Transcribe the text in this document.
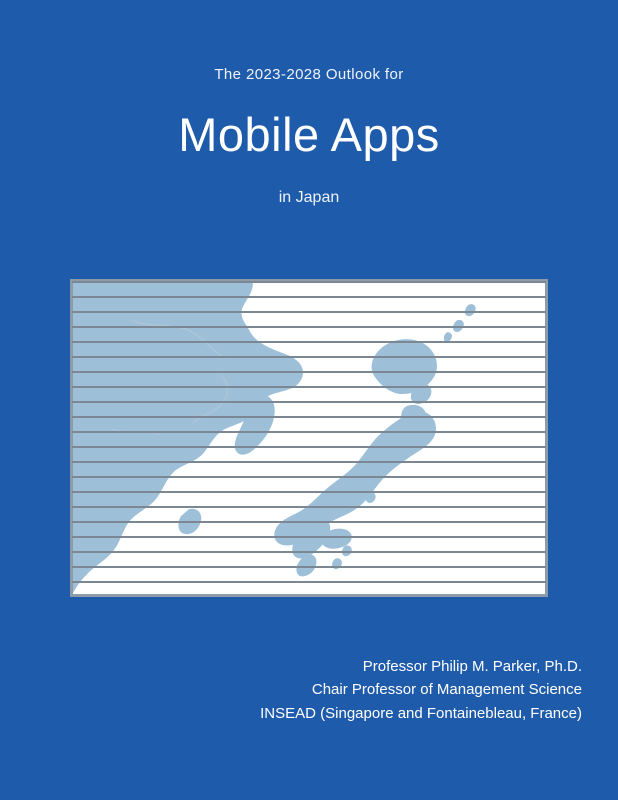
The 2023-2028 Outlook for
Mobile Apps
in Japan
Professor Philip M. Parker, Ph.D.
Chair Professor of Management Science
INSEAD (Singapore and Fontainebleau, France)
